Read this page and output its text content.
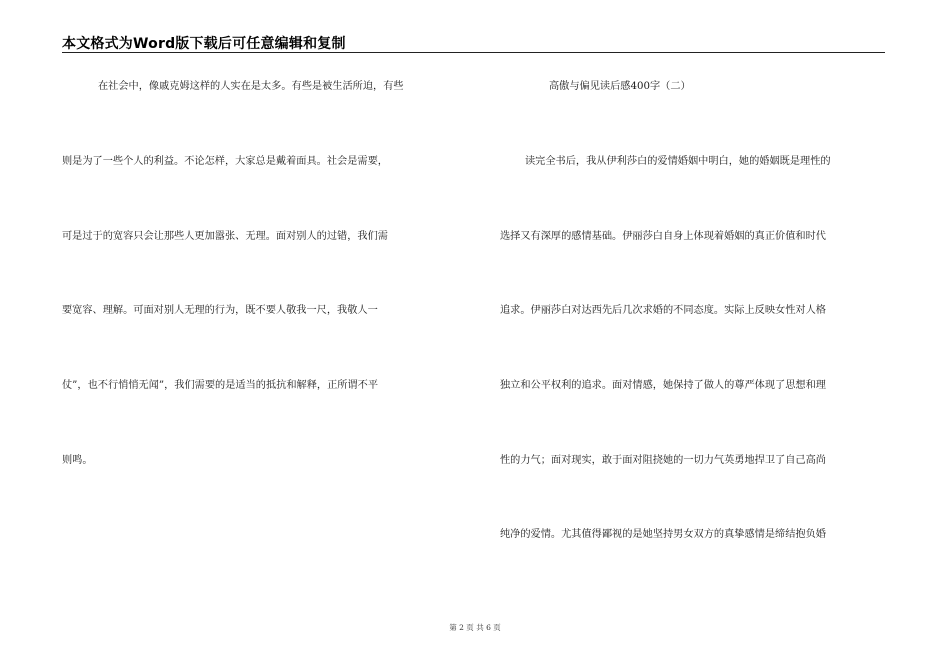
本文格式为Word版下载后可任意编辑和复制
在社会中，像戚克姆这样的人实在是太多。有些是被生活所迫，有些
则是为了一些个人的利益。不论怎样，大家总是戴着面具。社会是需要，
可是过于的宽容只会让那些人更加嚣张、无理。面对别人的过错，我们需
要宽容、理解。可面对别人无理的行为，既不要人敬我一尺，我敬人一
仗”，也不行悄悄无闻”，我们需要的是适当的抵抗和解释，正所谓不平
则鸣。
高傲与偏见读后感400字（二）
读完全书后，我从伊利莎白的爱情婚姻中明白，她的婚姻既是理性的
选择又有深厚的感情基础。伊丽莎白自身上体现着婚姻的真正价值和时代
追求。伊丽莎白对达西先后几次求婚的不同态度。实际上反映女性对人格
独立和公平权利的追求。面对情感，她保持了做人的尊严体现了思想和理
性的力气；面对现实，敢于面对阻挠她的一切力气英勇地捍卫了自己高尚
纯净的爱情。尤其值得鄙视的是她坚持男女双方的真挚感情是缔结抱负婚
第 2 页 共 6 页
